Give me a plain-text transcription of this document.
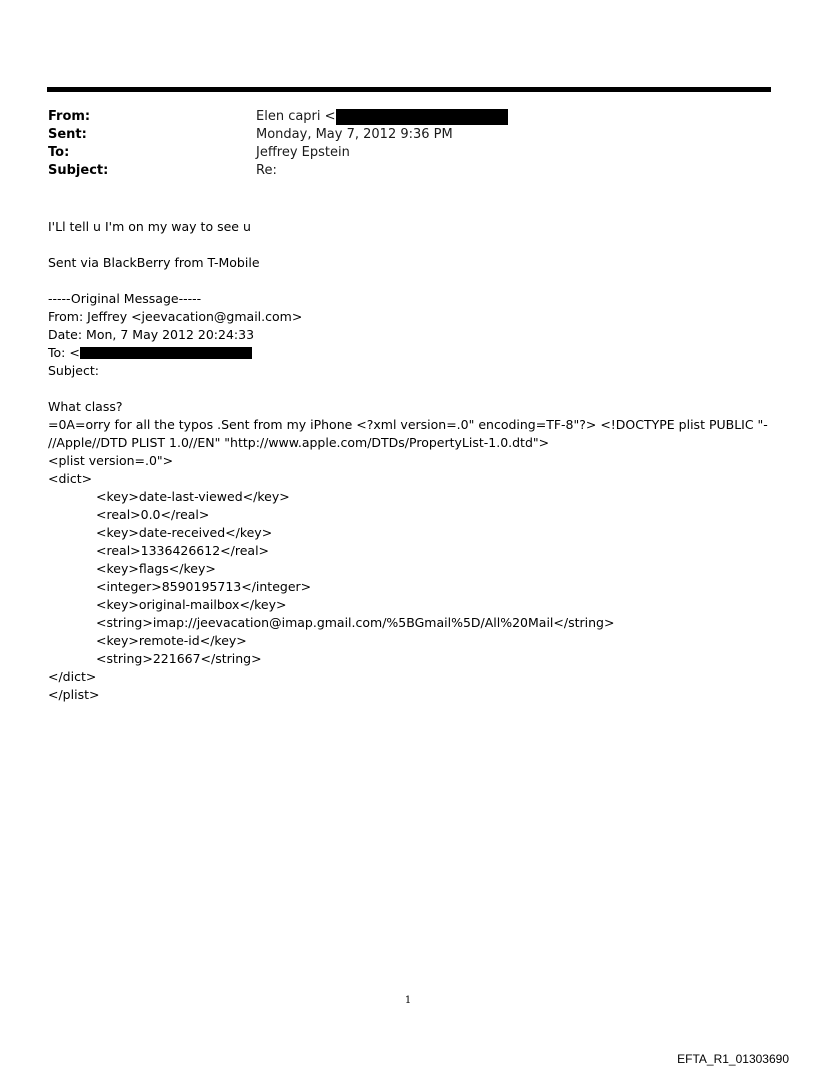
From:	Elen capri <
Sent:	Monday, May 7, 2012 9:36 PM
To:	Jeffrey Epstein
Subject:	Re:

I'Ll tell u I'm on my way to see u

Sent via BlackBerry from T-Mobile

-----Original Message-----

From: Jeffrey <jeevacation@gmail.com>

Date: Mon, 7 May 2012 20:24:33

To: <

Subject:

What class?

=0A=orry for all the typos .Sent from my iPhone <?xml version=.0" encoding=TF-8"?> <!DOCTYPE plist PUBLIC "-

//Apple//DTD PLIST 1.0//EN" "http://www.apple.com/DTDs/PropertyList-1.0.dtd">

<plist version=.0">

<dict>

<key>date-last-viewed</key>

<real>0.0</real>

<key>date-received</key>

<real>1336426612</real>

<key>flags</key>

<integer>8590195713</integer>

<key>original-mailbox</key>

<string>imap://jeevacation@imap.gmail.com/%5BGmail%5D/All%20Mail</string>

<key>remote-id</key>

<string>221667</string>

</dict>

</plist>

1
EFTA_R1_01303690
